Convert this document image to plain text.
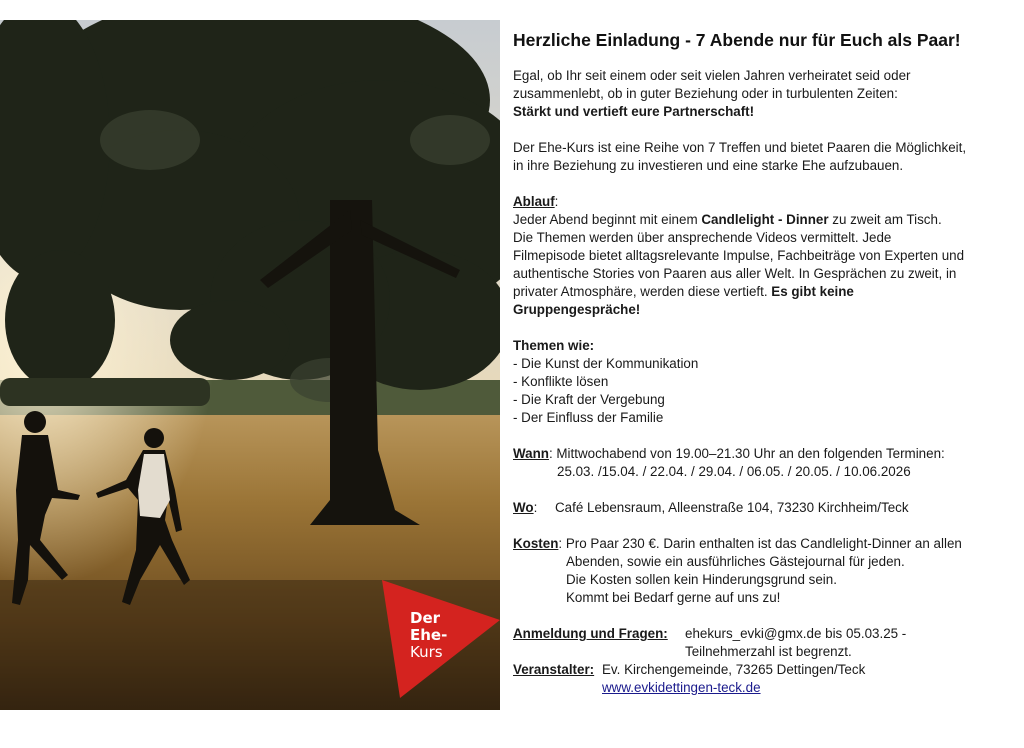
Der
Ehe-
Kurs
Herzliche Einladung - 7 Abende nur für Euch als Paar!

Egal, ob Ihr seit einem oder seit vielen Jahren verheiratet seid oder

zusammenlebt, ob in guter Beziehung oder in turbulenten Zeiten:

Stärkt und vertieft eure Partnerschaft!

Der Ehe-Kurs ist eine Reihe von 7 Treffen und bietet Paaren die Möglichkeit,

in ihre Beziehung zu investieren und eine starke Ehe aufzubauen.

Ablauf:

Jeder Abend beginnt mit einem Candlelight - Dinner zu zweit am Tisch.

Die Themen werden über ansprechende Videos vermittelt. Jede

Filmepisode bietet alltagsrelevante Impulse, Fachbeiträge von Experten und

authentische Stories von Paaren aus aller Welt. In Gesprächen zu zweit, in

privater Atmosphäre, werden diese vertieft. Es gibt keine

Gruppengespräche!

Themen wie:

- Die Kunst der Kommunikation

- Konflikte lösen

- Die Kraft der Vergebung

- Der Einfluss der Familie

Wann: Mittwochabend von 19.00–21.30 Uhr an den folgenden Terminen:

25.03. /15.04. / 22.04. / 29.04. / 06.05. / 20.05. / 10.06.2026

Wo:	Café Lebensraum, Alleenstraße 104, 73230 Kirchheim/Teck

Kosten: Pro Paar 230 €. Darin enthalten ist das Candlelight-Dinner an allen

Abenden, sowie ein ausführliches Gästejournal für jeden.

Die Kosten sollen kein Hinderungsgrund sein.

Kommt bei Bedarf gerne auf uns zu!

Anmeldung und Fragen:	ehekurs_evki@gmx.de bis 05.03.25 -
Teilnehmerzahl ist begrenzt.
Veranstalter: Ev. Kirchengemeinde, 73265 Dettingen/Teck
www.evkidettingen-teck.de
